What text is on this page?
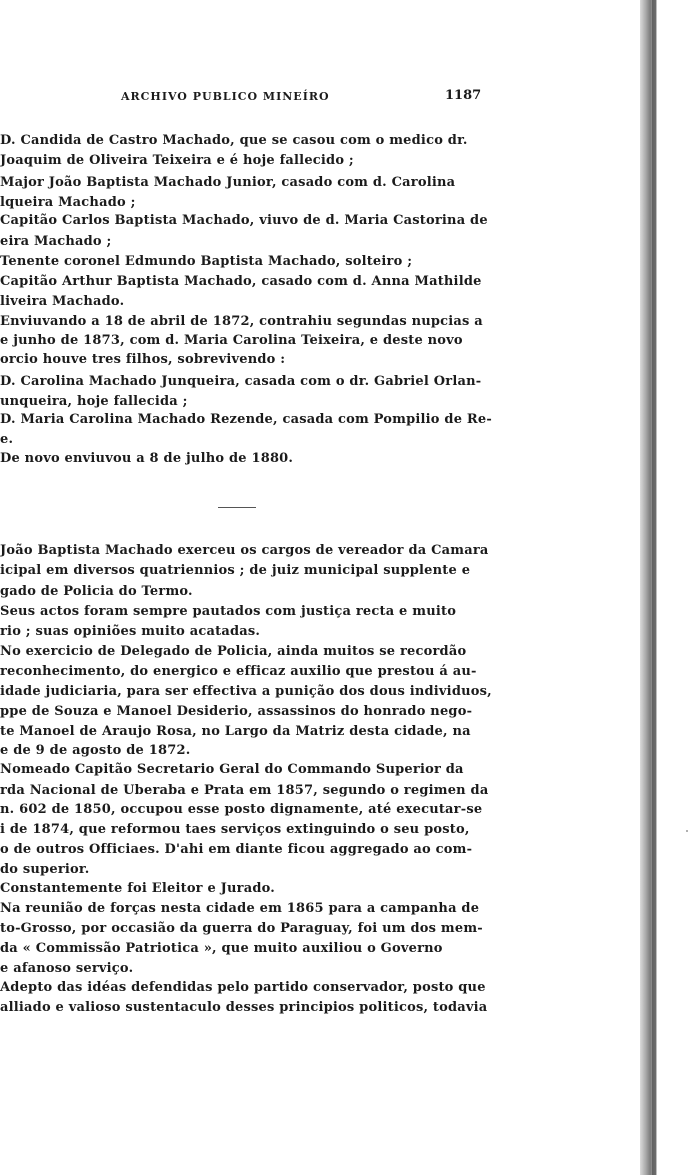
ARCHIVO PUBLICO MINEÍRO	1187
D. Candida de Castro Machado, que se casou com o medico dr.
Joaquim de Oliveira Teixeira e é hoje fallecido ;
Major João Baptista Machado Junior, casado com d. Carolina
lqueira Machado ;
Capitão Carlos Baptista Machado, viuvo de d. Maria Castorina de
eira Machado ;
Tenente coronel Edmundo Baptista Machado, solteiro ;
Capitão Arthur Baptista Machado, casado com d. Anna Mathilde
liveira Machado.
Enviuvando a 18 de abril de 1872, contrahiu segundas nupcias a
e junho de 1873, com d. Maria Carolina Teixeira, e deste novo
orcio houve tres filhos, sobrevivendo :
D. Carolina Machado Junqueira, casada com o dr. Gabriel Orlan-
unqueira, hoje fallecida ;
D. Maria Carolina Machado Rezende, casada com Pompilio de Re-
e.
De novo enviuvou a 8 de julho de 1880.
João Baptista Machado exerceu os cargos de vereador da Camara
icipal em diversos quatriennios ; de juiz municipal supplente e
gado de Policia do Termo.
Seus actos foram sempre pautados com justiça recta e muito
rio ; suas opiniões muito acatadas.
No exercicio de Delegado de Policia, ainda muitos se recordão
reconhecimento, do energico e efficaz auxilio que prestou á au-
idade judiciaria, para ser effectiva a punição dos dous individuos,
ppe de Souza e Manoel Desiderio, assassinos do honrado nego-
te Manoel de Araujo Rosa, no Largo da Matriz desta cidade, na
e de 9 de agosto de 1872.
Nomeado Capitão Secretario Geral do Commando Superior da
rda Nacional de Uberaba e Prata em 1857, segundo o regimen da
n. 602 de 1850, occupou esse posto dignamente, até executar-se
i de 1874, que reformou taes serviços extinguindo o seu posto,
o de outros Officiaes. D'ahi em diante ficou aggregado ao com-
do superior.
Constantemente foi Eleitor e Jurado.
Na reunião de forças nesta cidade em 1865 para a campanha de
to-Grosso, por occasião da guerra do Paraguay, foi um dos mem-
da « Commissão Patriotica », que muito auxiliou o Governo
e afanoso serviço.
Adepto das idéas defendidas pelo partido conservador, posto que
alliado e valioso sustentaculo desses principios politicos, todavia
